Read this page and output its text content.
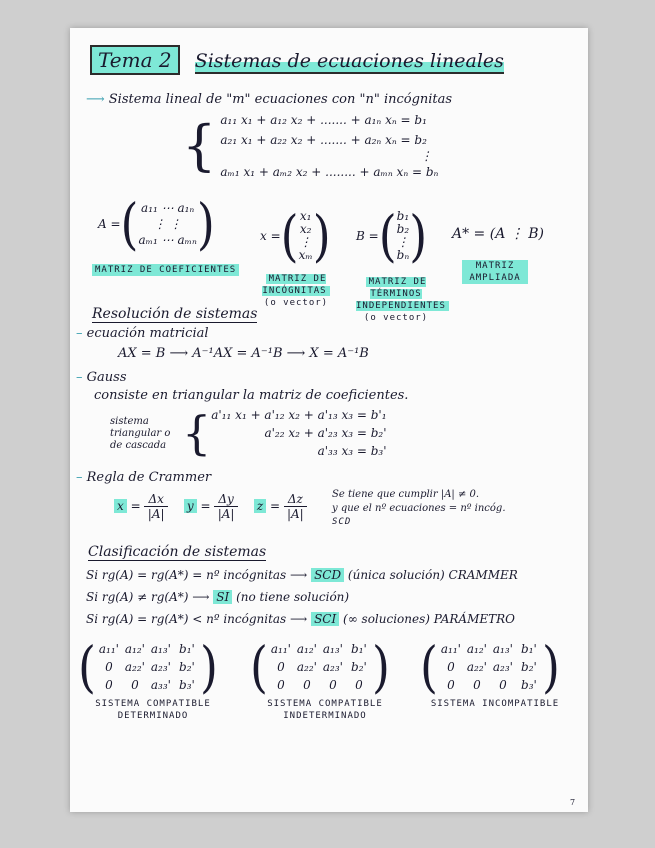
Tema 2 Sistemas de ecuaciones lineales
⟶ Sistema lineal de "m" ecuaciones con "n" incógnitas
{ a₁₁ x₁ + a₁₂ x₂ + ....... + a₁ₙ xₙ = b₁
a₂₁ x₁ + a₂₂ x₂ + ....... + a₂ₙ xₙ = b₂
⋮
aₘ₁ x₁ + aₘ₂ x₂ + ........ + aₘₙ xₙ = bₙ
A = ( a₁₁ ⋯ a₁ₙ
⋮ ⋮
aₘ₁ ⋯ aₘₙ )
MATRIZ DE COEFICIENTES
x = ( x₁
x₂
⋮
xₘ )
MATRIZ DE INCÓGNITAS
(o vector)
B = ( b₁
b₂
⋮
bₙ )
MATRIZ DE TÉRMINOS INDEPENDIENTES
(o vector)
A* = (A ⋮ B)
MATRIZ AMPLIADA
Resolución de sistemas
– ecuación matricial
AX = B ⟶ A⁻¹AX = A⁻¹B ⟶ X = A⁻¹B
– Gauss
consiste en triangular la matriz de coeficientes.
sistema triangular o de cascada { a'₁₁ x₁ + a'₁₂ x₂ + a'₁₃ x₃ = b'₁
a'₂₂ x₂ + a'₂₃ x₃ = b₂'
a'₃₃ x₃ = b₃'
– Regla de Crammer
$x = \frac{\Delta x}{|A|}$ $y = \frac{\Delta y}{|A|}$ $z = \frac{\Delta z}{|A|}$	Se tiene que cumplir |A| ≠ 0.
y que el nº ecuaciones = nº incóg.
SCD
Clasificación de sistemas
Si rg(A) = rg(A*) = nº incógnitas ⟶ SCD (única solución) CRAMMER
Si rg(A) ≠ rg(A*) ⟶ SI (no tiene solución)
Si rg(A) = rg(A*) < nº incógnitas ⟶ SCI (∞ soluciones) PARÁMETRO
( a₁₁' a₁₂' a₁₃' b₁'
0	a₂₂' a₂₃' b₂'
0	0	a₃₃' b₃' )
SISTEMA COMPATIBLE DETERMINADO
( a₁₁' a₁₂' a₁₃' b₁'
0	a₂₂' a₂₃' b₂'
0	0	0	0 )
SISTEMA COMPATIBLE INDETERMINADO
( a₁₁' a₁₂' a₁₃' b₁'
0	a₂₂' a₂₃' b₂'
0	0	0	b₃' )
SISTEMA INCOMPATIBLE
7
